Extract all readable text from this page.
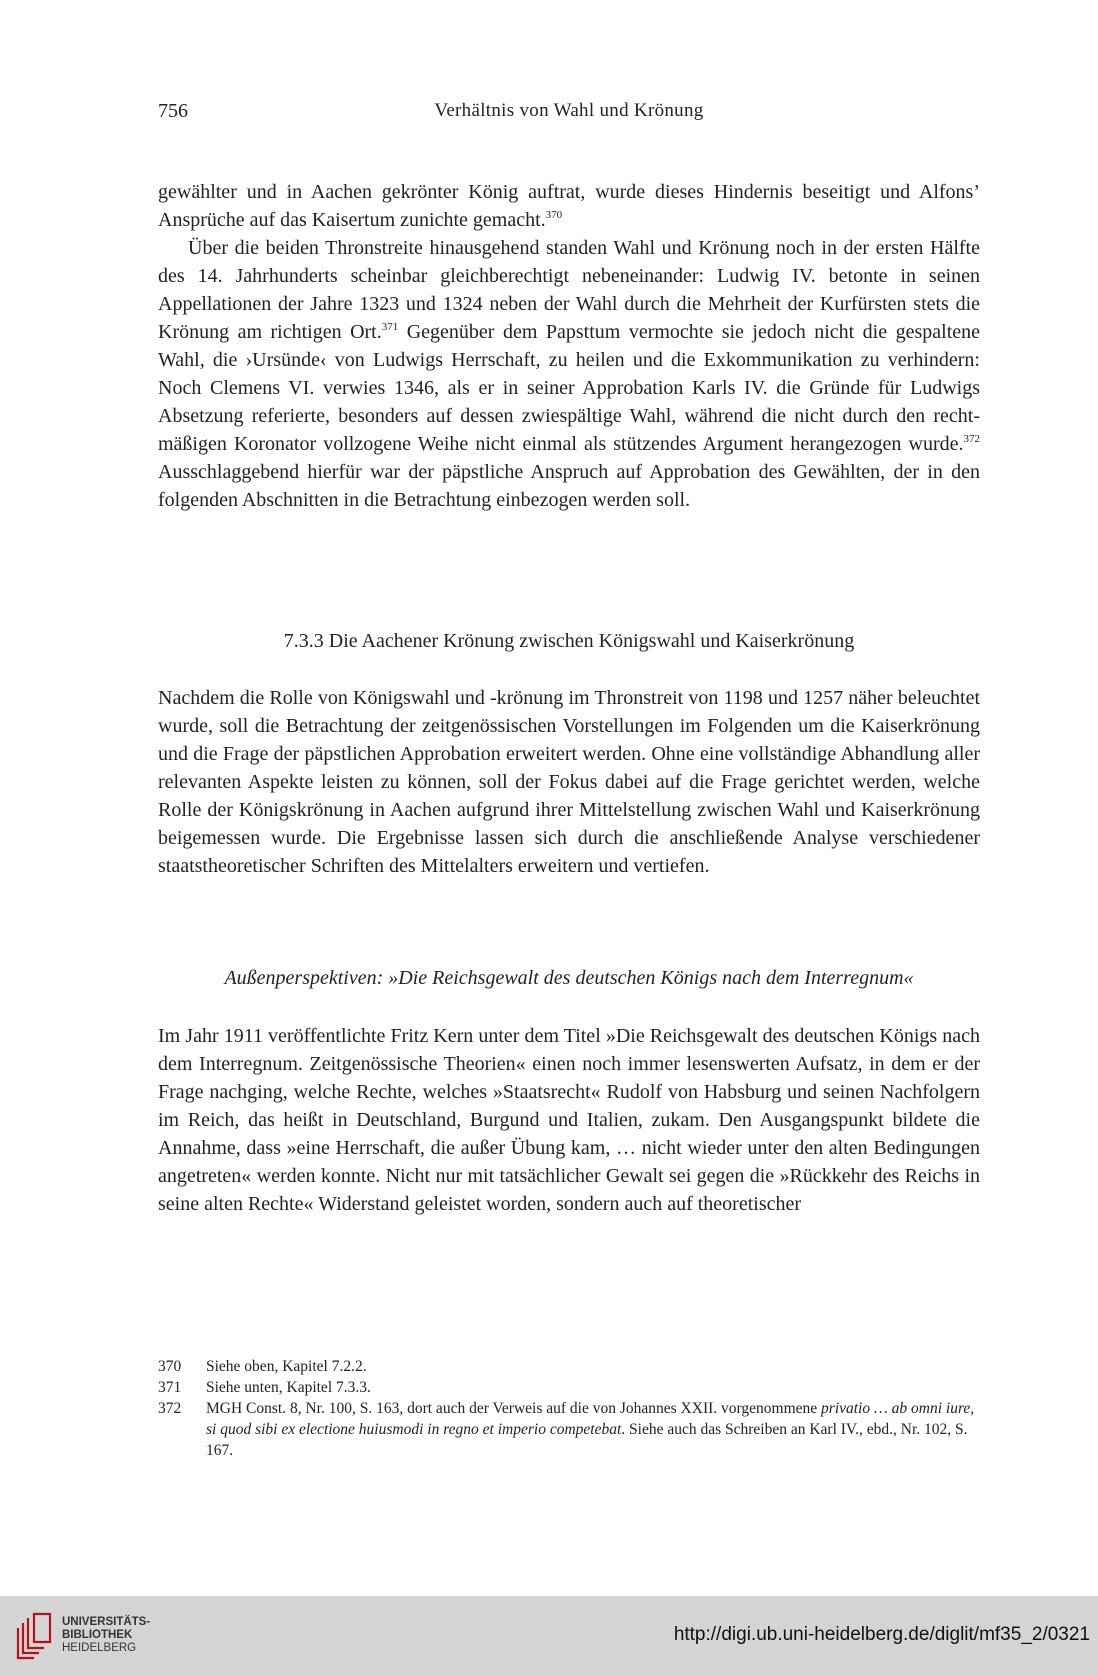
756	Verhältnis von Wahl und Krönung

gewählter und in Aachen gekrönter König auftrat, wurde dieses Hindernis beseitigt und Alfons’ Ansprüche auf das Kaisertum zunichte gemacht.$^{370}$

Über die beiden Thronstreite hinausgehend standen Wahl und Krönung noch in der ersten Hälfte des 14. Jahrhunderts scheinbar gleichberechtigt nebeneinander: Ludwig IV. betonte in seinen Appellationen der Jahre 1323 und 1324 neben der Wahl durch die Mehrheit der Kurfürsten stets die Krönung am richtigen Ort.$^{371}$ Gegenüber dem Papsttum vermochte sie jedoch nicht die gespaltene Wahl, die ›Ursünde‹ von Ludwigs Herrschaft, zu heilen und die Exkommunikation zu verhindern: Noch Clemens VI. verwies 1346, als er in seiner Approbation Karls IV. die Gründe für Ludwigs Absetzung referierte, besonders auf dessen zwiespältige Wahl, während die nicht durch den rechtmäßigen Koronator vollzogene Weihe nicht einmal als stützendes Argument herangezogen wurde.$^{372}$ Ausschlaggebend hierfür war der päpstliche Anspruch auf Approbation des Gewählten, der in den folgenden Abschnitten in die Betrachtung einbezogen werden soll.

7.3.3 Die Aachener Krönung zwischen Königswahl und Kaiserkrönung

Nachdem die Rolle von Königswahl und -krönung im Thronstreit von 1198 und 1257 näher beleuchtet wurde, soll die Betrachtung der zeitgenössischen Vorstellungen im Folgenden um die Kaiserkrönung und die Frage der päpstlichen Approbation erweitert werden. Ohne eine vollständige Abhandlung aller relevanten Aspekte leisten zu können, soll der Fokus dabei auf die Frage gerichtet werden, welche Rolle der Königskrönung in Aachen aufgrund ihrer Mittelstellung zwischen Wahl und Kaiserkrönung beigemessen wurde. Die Ergebnisse lassen sich durch die anschließende Analyse verschiedener staatstheoretischer Schriften des Mittelalters erweitern und vertiefen.

Außenperspektiven: »Die Reichsgewalt des deutschen Königs nach dem Interregnum«

Im Jahr 1911 veröffentlichte Fritz Kern unter dem Titel »Die Reichsgewalt des deutschen Königs nach dem Interregnum. Zeitgenössische Theorien« einen noch immer lesenswerten Aufsatz, in dem er der Frage nachging, welche Rechte, welches »Staatsrecht« Rudolf von Habsburg und seinen Nachfolgern im Reich, das heißt in Deutschland, Burgund und Italien, zukam. Den Ausgangspunkt bildete die Annahme, dass »eine Herrschaft, die außer Übung kam, … nicht wieder unter den alten Bedingungen angetreten« werden konnte. Nicht nur mit tatsächlicher Gewalt sei gegen die »Rückkehr des Reichs in seine alten Rechte« Widerstand geleistet worden, sondern auch auf theoretischer

370	Siehe oben, Kapitel 7.2.2.
371	Siehe unten, Kapitel 7.3.3.
372	MGH Const. 8, Nr. 100, S. 163, dort auch der Verweis auf die von Johannes XXII. vorgenommene privatio … ab omni iure, si quod sibi ex electione huiusmodi in regno et imperio competebat. Siehe auch das Schreiben an Karl IV., ebd., Nr. 102, S. 167.
UNIVERSITÄTS-
BIBLIOTHEK
HEIDELBERG
http://digi.ub.uni-heidelberg.de/diglit/mf35_2/0321
